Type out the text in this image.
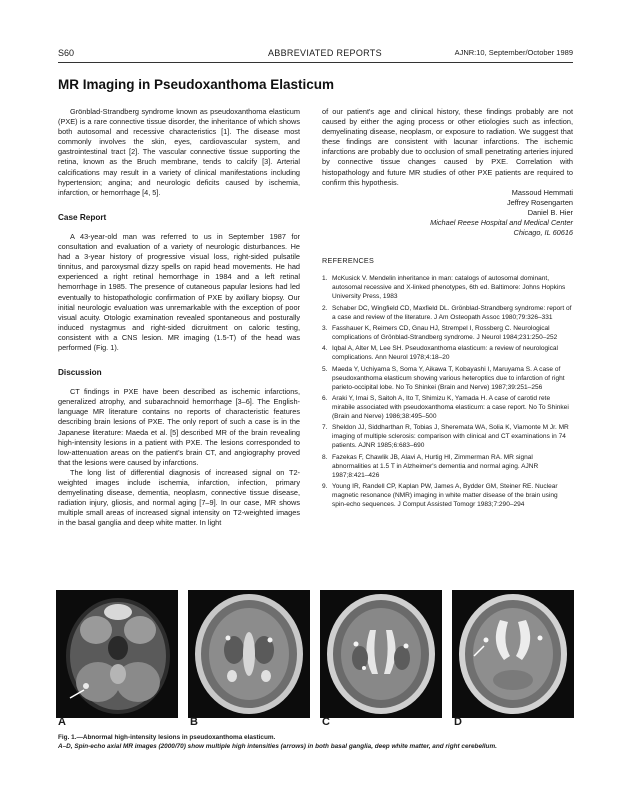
S60	ABBREVIATED REPORTS	AJNR:10, September/October 1989
MR Imaging in Pseudoxanthoma Elasticum

Grönblad-Strandberg syndrome known as pseudoxanthoma elasticum (PXE) is a rare connective tissue disorder, the inheritance of which shows both autosomal and recessive characteristics [1]. The disease most commonly involves the skin, eyes, cardiovascular system, and gastrointestinal tract [2]. The vascular connective tissue supporting the retina, known as the Bruch membrane, tends to calcify [3]. Arterial calcifications may result in a variety of clinical manifestations including hypertension; angina; and neurologic deficits caused by ischemia, infarction, or hemorrhage [4, 5].

Case Report

A 43-year-old man was referred to us in September 1987 for consultation and evaluation of a variety of neurologic disturbances. He had a 3-year history of progressive visual loss, right-sided pulsatile tinnitus, and paroxysmal dizzy spells on rapid head movements. He had experienced a right retinal hemorrhage in 1984 and a left retinal hemorrhage in 1985. The presence of cutaneous papular lesions had led eventually to histopathologic confirmation of PXE by axillary biopsy. Our initial neurologic evaluation was unremarkable with the exception of poor visual acuity. Otologic examination revealed spontaneous and posturally induced nystagmus and right-sided dicruitment on caloric testing, consistent with a CNS lesion. MR imaging (1.5-T) of the head was performed (Fig. 1).

Discussion

CT findings in PXE have been described as ischemic infarctions, generalized atrophy, and subarachnoid hemorrhage [3–6]. The English-language MR literature contains no reports of characteristic features describing brain lesions of PXE. The only report of such a case is in the Japanese literature: Maeda et al. [5] described MR of the brain revealing high-intensity lesions in a patient with PXE. The lesions corresponded to low-attenuation areas on the patient's brain CT, and angiography proved that the lesions were caused by infarctions.

The long list of differential diagnosis of increased signal on T2-weighted images include ischemia, infarction, infection, primary demyelinating disease, dementia, neoplasm, connective tissue disease, radiation injury, gliosis, and normal aging [7–9]. In our case, MR shows multiple small areas of increased signal intensity on T2-weighted images in the basal ganglia and deep white matter. In light

of our patient's age and clinical history, these findings probably are not caused by either the aging process or other etiologies such as infection, demyelinating disease, neoplasm, or exposure to radiation. We suggest that these findings are consistent with lacunar infarctions. The ischemic infarctions are probably due to occlusion of small penetrating arteries injured by connective tissue changes caused by PXE. Correlation with histopathology and future MR studies of other PXE patients are required to confirm this hypothesis.

Massoud Hemmati
Jeffrey Rosengarten
Daniel B. Hier
Michael Reese Hospital and Medical Center
Chicago, IL 60616
REFERENCES
1. McKusick V. Mendelin inheritance in man: catalogs of autosomal dominant, autosomal recessive and X-linked phenotypes, 6th ed. Baltimore: Johns Hopkins University Press, 1983
2. Schaber DC, Wingfield CD, Maxfield DL. Grönblad-Strandberg syndrome: report of a case and review of the literature. J Am Osteopath Assoc 1980;79:326–331
3. Fasshauer K, Reimers CD, Gnau HJ, Strempel I, Rossberg C. Neurological complications of Grönblad-Strandberg syndrome. J Neurol 1984;231:250–252
4. Iqbal A, Alter M, Lee SH. Pseudoxanthoma elasticum: a review of neurological complications. Ann Neurol 1978;4:18–20
5. Maeda Y, Uchiyama S, Soma Y, Aikawa T, Kobayashi I, Maruyama S. A case of pseudoxanthoma elasticum showing various heteroptics due to infarction of right parieto-occipital lobe. No To Shinkei (Brain and Nerve) 1987;39:251–256
6. Araki Y, Imai S, Saitoh A, Ito T, Shimizu K, Yamada H. A case of carotid rete mirabile associated with pseudoxanthoma elasticum: a case report. No To Shinkei (Brain and Nerve) 1986;38:495–500
7. Sheldon JJ, Siddharthan R, Tobias J, Sheremata WA, Solia K, Viamonte M Jr. MR imaging of multiple sclerosis: comparison with clinical and CT examinations in 74 patients. AJNR 1985;6:683–690
8. Fazekas F, Chawlik JB, Alavi A, Hurtig HI, Zimmerman RA. MR signal abnormalities at 1.5 T in Alzheimer's dementia and normal aging. AJNR 1987;8:421–426
9. Young IR, Randell CP, Kaplan PW, James A, Bydder GM, Steiner RE. Nuclear magnetic resonance (NMR) imaging in white matter disease of the brain using spin-echo sequences. J Comput Assisted Tomogr 1983;7:290–294
A	B	C	D
Fig. 1.—Abnormal high-intensity lesions in pseudoxanthoma elasticum.
A–D, Spin-echo axial MR images (2000/70) show multiple high intensities (arrows) in both basal ganglia, deep white matter, and right cerebellum.
